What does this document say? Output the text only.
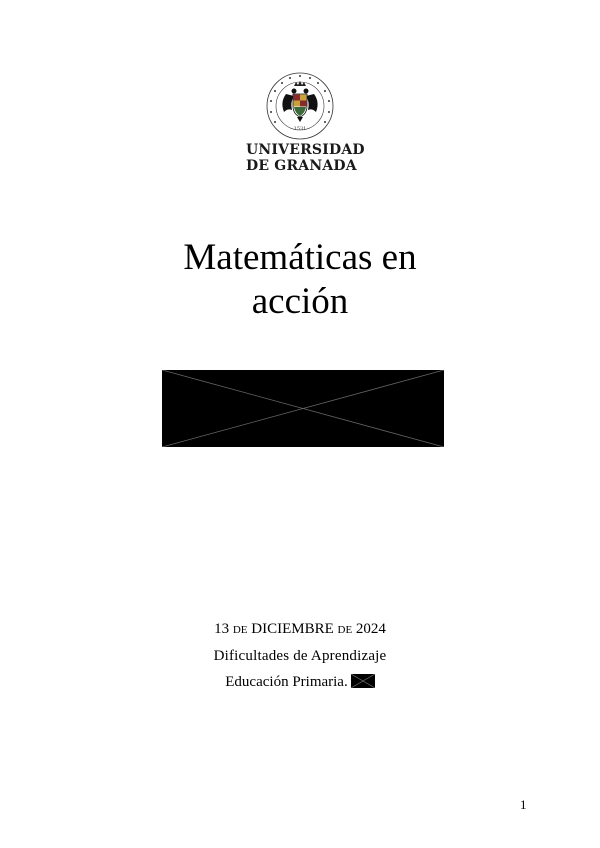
· 1531 ·
UNIVERSIDAD
DE GRANADA
Matemáticas en
acción
13 de DICIEMBRE de 2024
Dificultades de Aprendizaje
Educación Primaria.
1
